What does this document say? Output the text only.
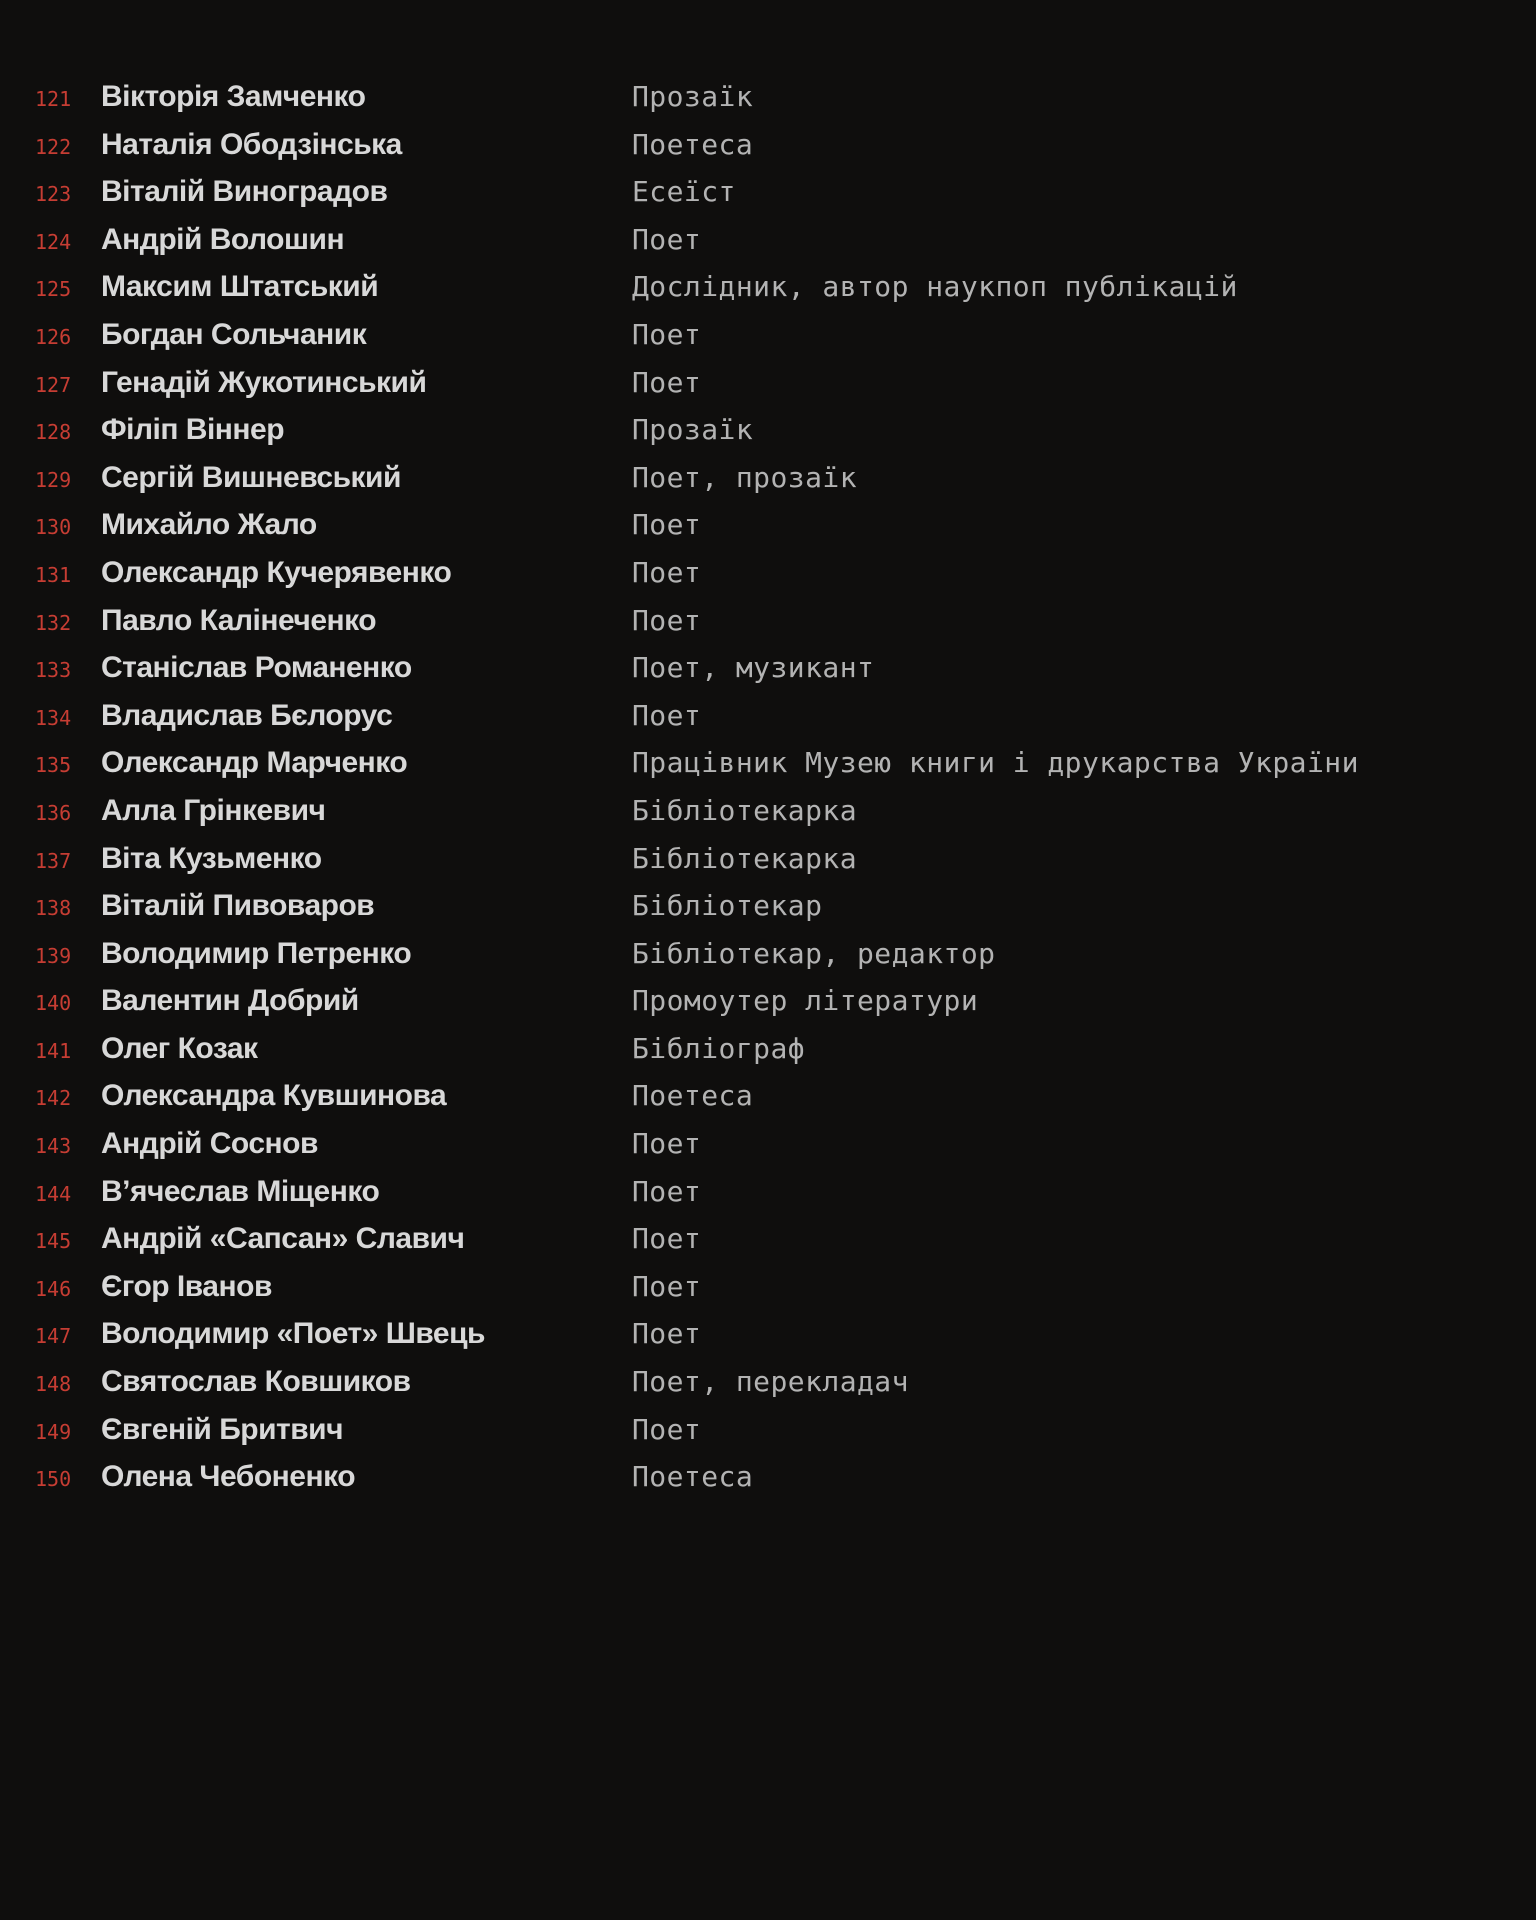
121 Вікторія Замченко	Прозаїк
122 Наталія Ободзінська	Поетеса
123 Віталій Виноградов	Есеїст
124 Андрій Волошин	Поет
125 Максим Штатський	Дослідник, автор наукпоп публікацій
126 Богдан Сольчаник	Поет
127 Генадій Жукотинський	Поет
128 Філіп Віннер	Прозаїк
129 Сергій Вишневський	Поет, прозаїк
130 Михайло Жало	Поет
131 Олександр Кучерявенко	Поет
132 Павло Калінеченко	Поет
133 Станіслав Романенко	Поет, музикант
134 Владислав Бєлорус	Поет
135 Олександр Марченко	Працівник Музею книги і друкарства України
136 Алла Грінкевич	Бібліотекарка
137 Віта Кузьменко	Бібліотекарка
138 Віталій Пивоваров	Бібліотекар
139 Володимир Петренко	Бібліотекар, редактор
140 Валентин Добрий	Промоутер літератури
141 Олег Козак	Бібліограф
142 Олександра Кувшинова	Поетеса
143 Андрій Соснов	Поет
144 В’ячеслав Міщенко	Поет
145 Андрій «Сапсан» Славич	Поет
146 Єгор Іванов	Поет
147 Володимир «Поет» Швець	Поет
148 Святослав Ковшиков	Поет, перекладач
149 Євгеній Бритвич	Поет
150 Олена Чебоненко	Поетеса
